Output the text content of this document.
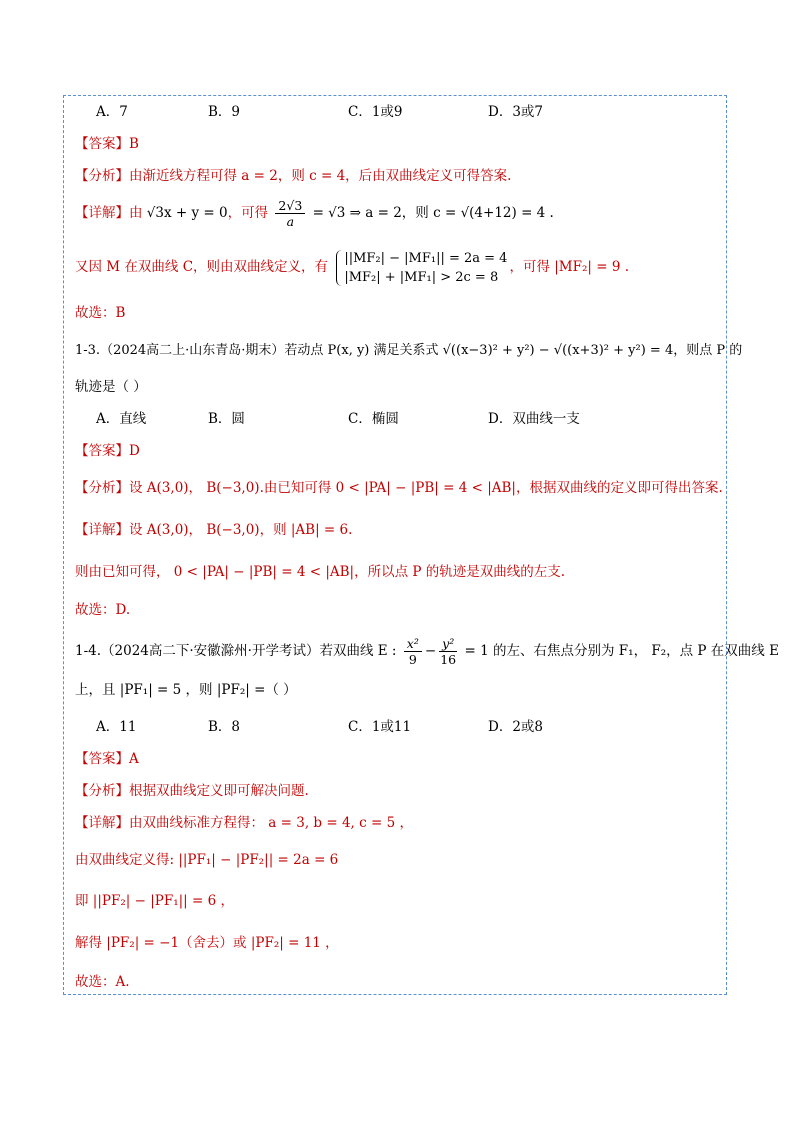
A．7	B．9	C．1或9	D．3或7
【答案】B
【分析】由渐近线方程可得 a = 2，则 c = 4，后由双曲线定义可得答案.
【详解】由 √3x + y = 0，可得 $\frac{2√3}{a} = √3$ ⇒ a = 2，则 c = √(4+12) = 4 .
又因 M 在双曲线 C，则由双曲线定义，有
||MF₂| − |MF₁|| = 2a = 4
|MF₂| + |MF₁| > 2c = 8
，可得 |MF₂| = 9 .
故选：B
1-3.（2024高二上·山东青岛·期末）若动点 P(x, y) 满足关系式 √((x−3)² + y²) − √((x+3)² + y²) = 4，则点 P 的
轨迹是（ ）
A．直线	B．圆	C．椭圆	D．双曲线一支
【答案】D
【分析】设 A(3,0)， B(−3,0).由已知可得 0 < |PA| − |PB| = 4 < |AB|，根据双曲线的定义即可得出答案.
【详解】设 A(3,0)， B(−3,0)，则 |AB| = 6.
则由已知可得， 0 < |PA| − |PB| = 4 < |AB|，所以点 P 的轨迹是双曲线的左支.
故选：D.
1-4.（2024高二下·安徽滁州·开学考试）若双曲线 E : $\frac{\text{x²}}{9} - \frac{\text{y²}}{16} = 1$ 的左、右焦点分别为 F₁， F₂，点 P 在双曲线 E
上，且 |PF₁| = 5 ，则 |PF₂| =（ ）
A．11	B．8	C．1或11	D．2或8
【答案】A
【分析】根据双曲线定义即可解决问题.
【详解】由双曲线标准方程得： a = 3, b = 4, c = 5 ，
由双曲线定义得: ||PF₁| − |PF₂|| = 2a = 6
即 ||PF₂| − |PF₁|| = 6 ，
解得 |PF₂| = −1（舍去）或 |PF₂| = 11 ，
故选：A.
